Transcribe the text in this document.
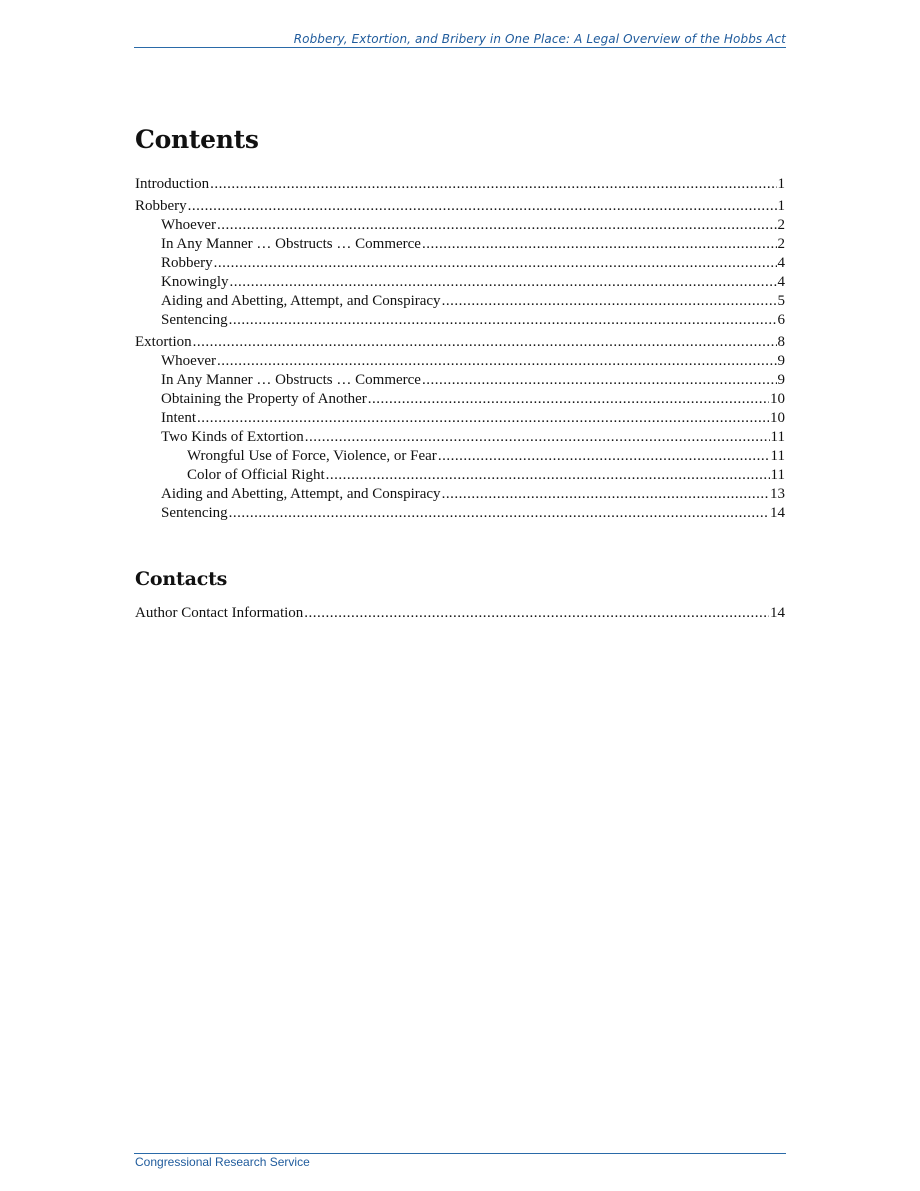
Robbery, Extortion, and Bribery in One Place: A Legal Overview of the Hobbs Act
Contents
Introduction .....	1
Robbery .....	1
Whoever .....	2
In Any Manner … Obstructs … Commerce .....	2
Robbery .....	4
Knowingly .....	4
Aiding and Abetting, Attempt, and Conspiracy .....	5
Sentencing .....	6
Extortion .....	8
Whoever .....	9
In Any Manner … Obstructs … Commerce .....	9
Obtaining the Property of Another .....	10
Intent .....	10
Two Kinds of Extortion .....	11
Wrongful Use of Force, Violence, or Fear .....	11
Color of Official Right .....	11
Aiding and Abetting, Attempt, and Conspiracy .....	13
Sentencing .....	14
Contacts
Author Contact Information .....	14
Congressional Research Service
